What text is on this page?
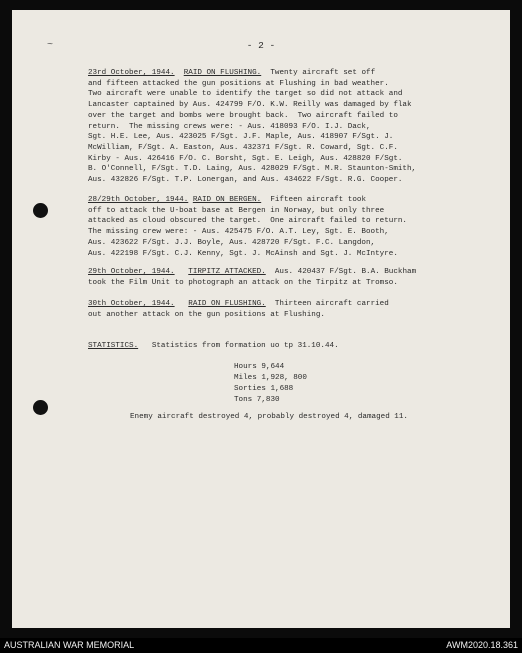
~	- 2 -
23rd October, 1944. RAID ON FLUSHING. Twenty aircraft set off
and fifteen attacked the gun positions at Flushing in bad weather.
Two aircraft were unable to identify the target so did not attack and
Lancaster captained by Aus. 424799 F/O. K.W. Reilly was damaged by flak
over the target and bombs were brought back.  Two aircraft failed to
return.  The missing crews were: - Aus. 418093 F/O. I.J. Dack,
Sgt. H.E. Lee, Aus. 423025 F/Sgt. J.F. Maple, Aus. 418907 F/Sgt. J.
McWilliam, F/Sgt. A. Easton, Aus. 432371 F/Sgt. R. Coward, Sgt. C.F.
Kirby - Aus. 426416 F/O. C. Borsht, Sgt. E. Leigh, Aus. 428820 F/Sgt.
B. O'Connell, F/Sgt. T.D. Laing, Aus. 428029 F/Sgt. M.R. Staunton-Smith,
Aus. 432826 F/Sgt. T.P. Lonergan, and Aus. 434622 F/Sgt. R.G. Cooper.
28/29th October, 1944. RAID ON BERGEN. Fifteen aircraft took
off to attack the U-boat base at Bergen in Norway, but only three
attacked as cloud obscured the target.  One aircraft failed to return.
The missing crew were: - Aus. 425475 F/O. A.T. Ley, Sgt. E. Booth,
Aus. 423622 F/Sgt. J.J. Boyle, Aus. 428720 F/Sgt. F.C. Langdon,
Aus. 422198 F/Sgt. C.J. Kenny, Sgt. J. McAinsh and Sgt. J. McIntyre.
29th October, 1944. TIRPITZ ATTACKED. Aus. 420437 F/Sgt. B.A. Buckham
took the Film Unit to photograph an attack on the Tirpitz at Tromso.
30th October, 1944. RAID ON FLUSHING. Thirteen aircraft carried
out another attack on the gun positions at Flushing.
STATISTICS. Statistics from formation uo tp 31.10.44.
Hours 9,644
Miles 1,928, 800
Sorties 1,688
Tons 7,830
Enemy aircraft destroyed 4, probably destroyed 4, damaged 11.
AUSTRALIAN WAR MEMORIAL	AWM2020.18.361
